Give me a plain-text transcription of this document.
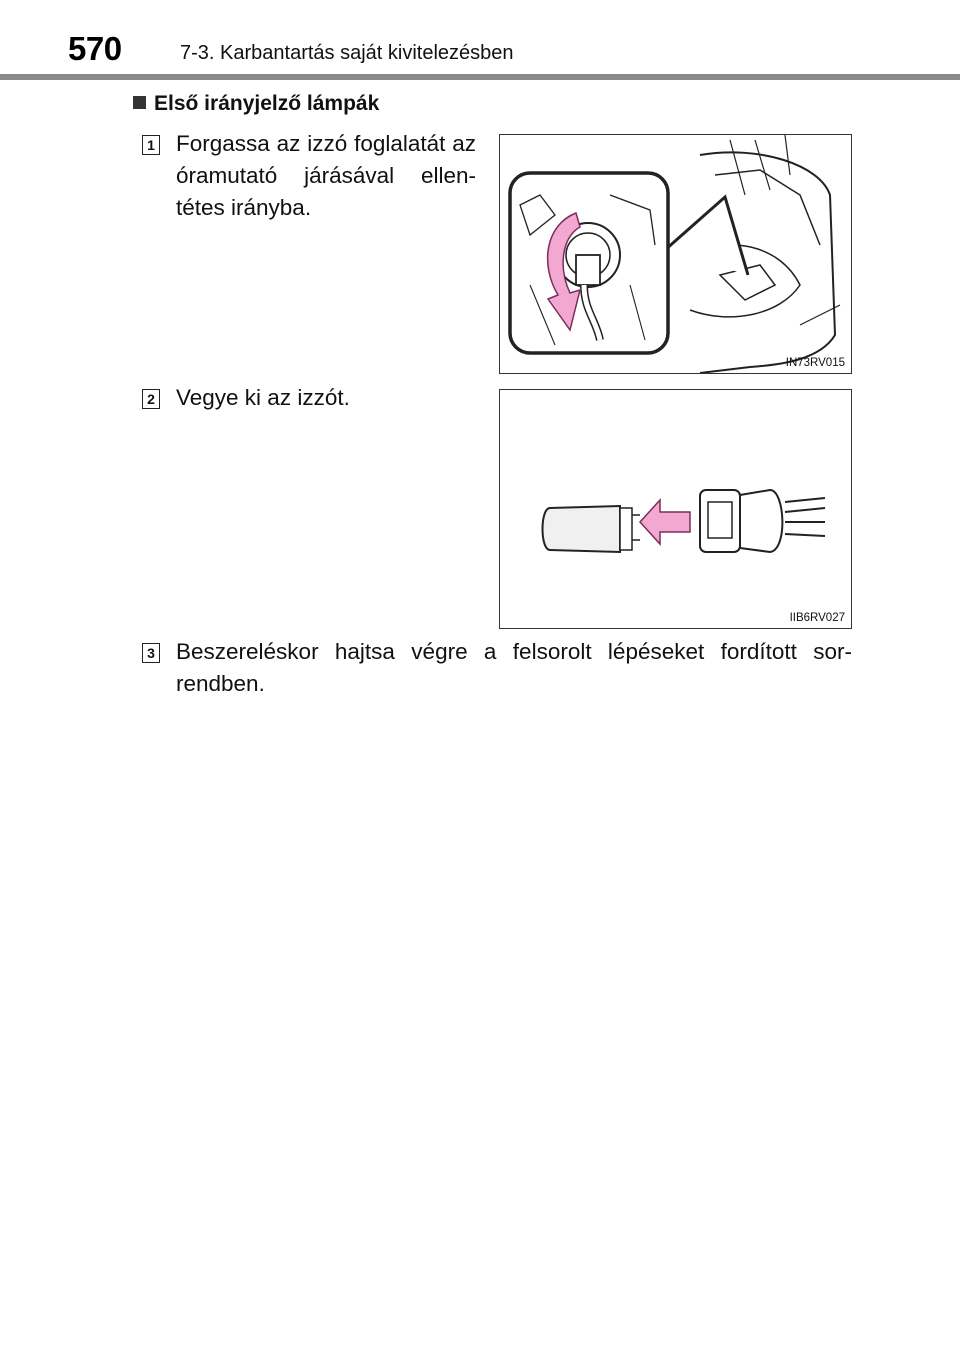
570	7-3. Karbantartás saját kivitelezésben
Első irányjelző lámpák
1 Forgassa az izzó foglalatát az óramutató járásával ellen-tétes irányba.
IN73RV015
2 Vegye ki az izzót.
IIB6RV027
3 Beszereléskor hajtsa végre a felsorolt lépéseket fordított sor-rendben.
